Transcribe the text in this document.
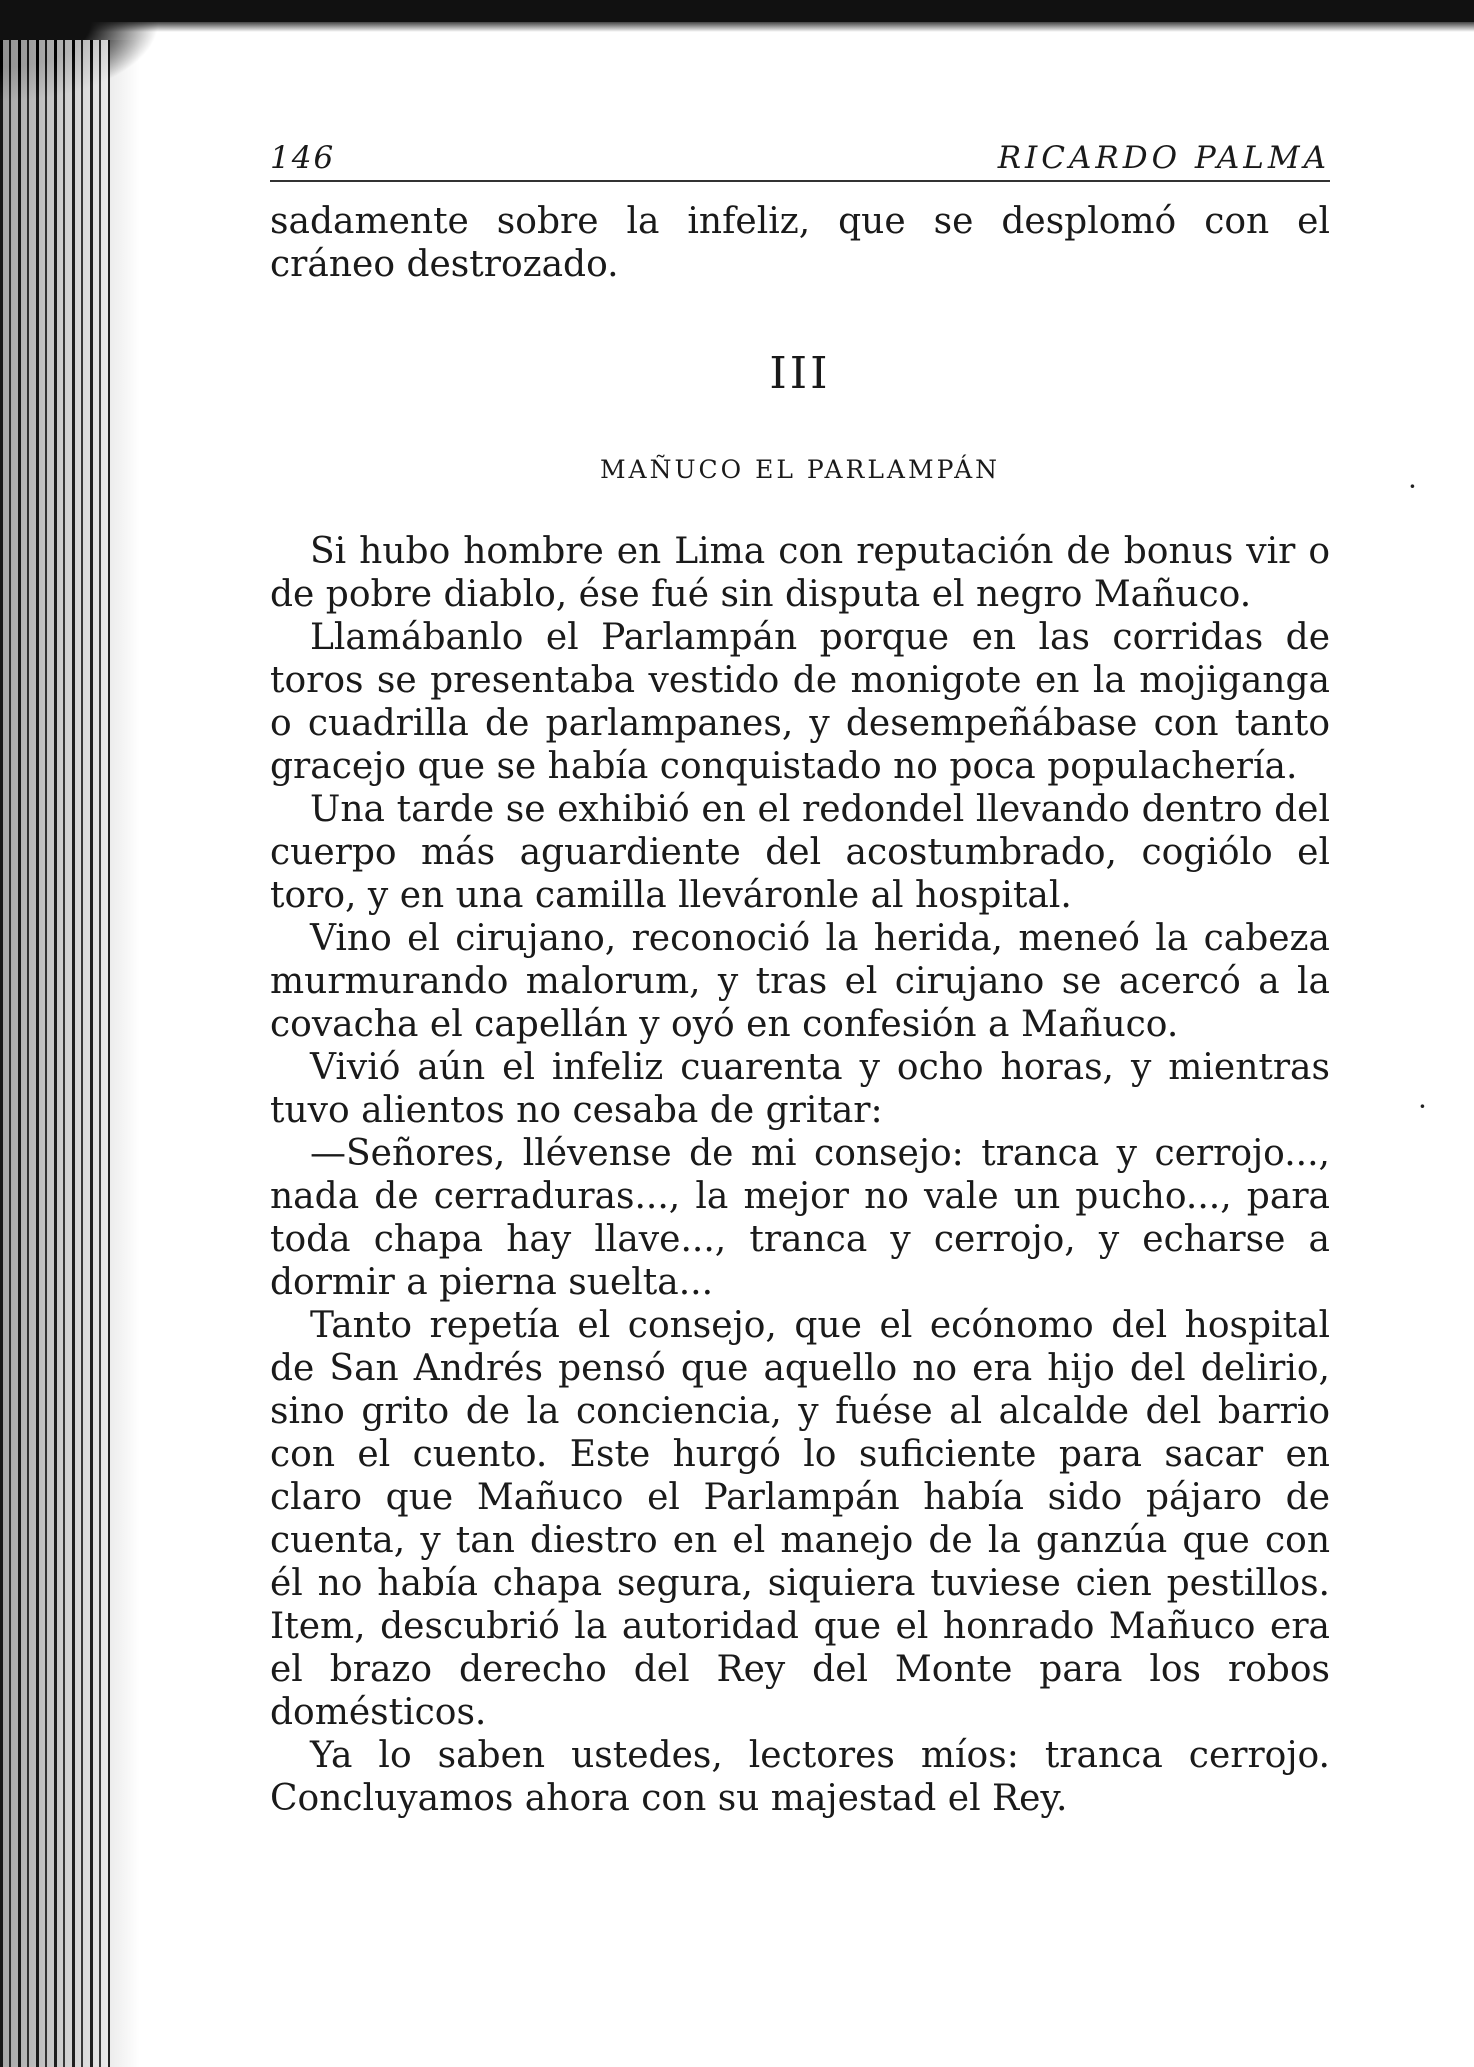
146	RICARDO PALMA

sadamente sobre la infeliz, que se desplomó con el cráneo destrozado.

III
MAÑUCO EL PARLAMPÁN

Si hubo hombre en Lima con reputación de bonus vir o de pobre diablo, ése fué sin disputa el negro Mañuco.

Llamábanlo el Parlampán porque en las corridas de toros se presentaba vestido de monigote en la mojiganga o cuadrilla de parlampanes, y desempeñábase con tanto gracejo que se había conquistado no poca populachería.

Una tarde se exhibió en el redondel llevando dentro del cuerpo más aguardiente del acostumbrado, cogiólo el toro, y en una camilla lleváronle al hospital.

Vino el cirujano, reconoció la herida, meneó la cabeza murmurando malorum, y tras el cirujano se acercó a la covacha el capellán y oyó en confesión a Mañuco.

Vivió aún el infeliz cuarenta y ocho horas, y mientras tuvo alientos no cesaba de gritar:

—Señores, llévense de mi consejo: tranca y cerrojo..., nada de cerraduras..., la mejor no vale un pucho..., para toda chapa hay llave..., tranca y cerrojo, y echarse a dormir a pierna suelta...

Tanto repetía el consejo, que el ecónomo del hospital de San Andrés pensó que aquello no era hijo del delirio, sino grito de la conciencia, y fuése al alcalde del barrio con el cuento. Este hurgó lo suficiente para sacar en claro que Mañuco el Parlampán había sido pájaro de cuenta, y tan diestro en el manejo de la ganzúa que con él no había chapa segura, siquiera tuviese cien pestillos. Item, descubrió la autoridad que el honrado Mañuco era el brazo derecho del Rey del Monte para los robos domésticos.

Ya lo saben ustedes, lectores míos: tranca cerrojo. Concluyamos ahora con su majestad el Rey.

·
·
